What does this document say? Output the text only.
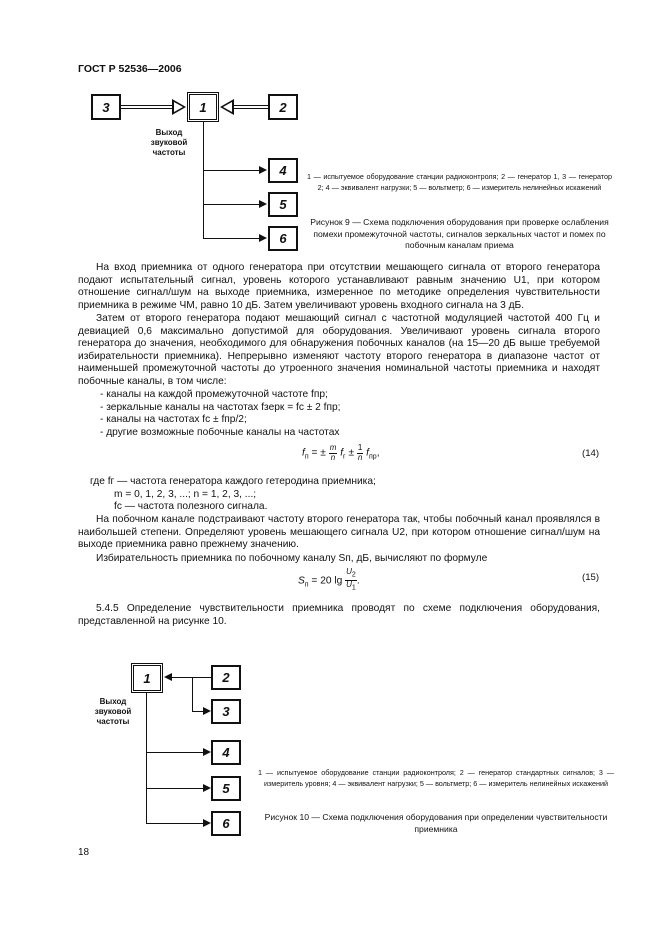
ГОСТ Р 52536—2006
3	1	2
Выход
звуковой
частоты
4
5
6
1 — испытуемое оборудование станции радиоконтроля; 2 — генератор 1, 3 — генератор 2; 4 — эквивалент нагрузки; 5 — вольтметр; 6 — измеритель нелинейных искажений
Рисунок 9 — Схема подключения оборудования при проверке ослабления помехи промежуточной частоты, сигналов зеркальных частот и помех по побочным каналам приема

На вход приемника от одного генератора при отсутствии мешающего сигнала от второго генератора подают испытательный сигнал, уровень которого устанавливают равным значению U1, при котором отношение сигнал/шум на выходе приемника, измеренное по методике определения чувствительности приемника в режиме ЧМ, равно 10 дБ. Затем увеличивают уровень входного сигнала на 3 дБ.

Затем от второго генератора подают мешающий сигнал с частотной модуляцией частотой 400 Гц и девиацией 0,6 максимально допустимой для оборудования. Увеличивают уровень сигнала второго генератора до значения, необходимого для обнаружения побочных каналов (на 15—20 дБ выше требуемой избирательности приемника). Непрерывно изменяют частоту второго генератора в диапазоне частот от наименьшей промежуточной частоты до утроенного значения номинальной частоты приемника и находят побочные каналы, в том числе:

- каналы на каждой промежуточной частоте fпр;
- зеркальные каналы на частотах fзерк = fc ± 2 fпр;
- каналы на частотах fc ± fпр/2;
- другие возможные побочные каналы на частотах
$f_п$ = ± $\frac{m}{n} f_г \pm \frac{1}{n} f_{пр}$,	(14)
где fг — частота генератора каждого гетеродина приемника;
m = 0, 1, 2, 3, ...; n = 1, 2, 3, ...;
fc — частота полезного сигнала.

На побочном канале подстраивают частоту второго генератора так, чтобы побочный канал проявлялся в наибольшей степени. Определяют уровень мешающего сигнала U2, при котором отношение сигнал/шум на выходе приемника равно прежнему значению.

Избирательность приемника по побочному каналу Sп, дБ, вычисляют по формуле

$S_п = 20$ $\lg \frac{U_2}{U_1}$ .	(15)

5.4.5 Определение чувствительности приемника проводят по схеме подключения оборудования, представленной на рисунке 10.

1	2
3
Выход
звуковой
частоты
4
5
6
1 — испытуемое оборудование станции радиоконтроля; 2 — генератор стандартных сигналов; 3 — измеритель уровня; 4 — эквивалент нагрузки; 5 — вольтметр; 6 — измеритель нелинейных искажений
Рисунок 10 — Схема подключения оборудования при определении чувствительности приемника
18
